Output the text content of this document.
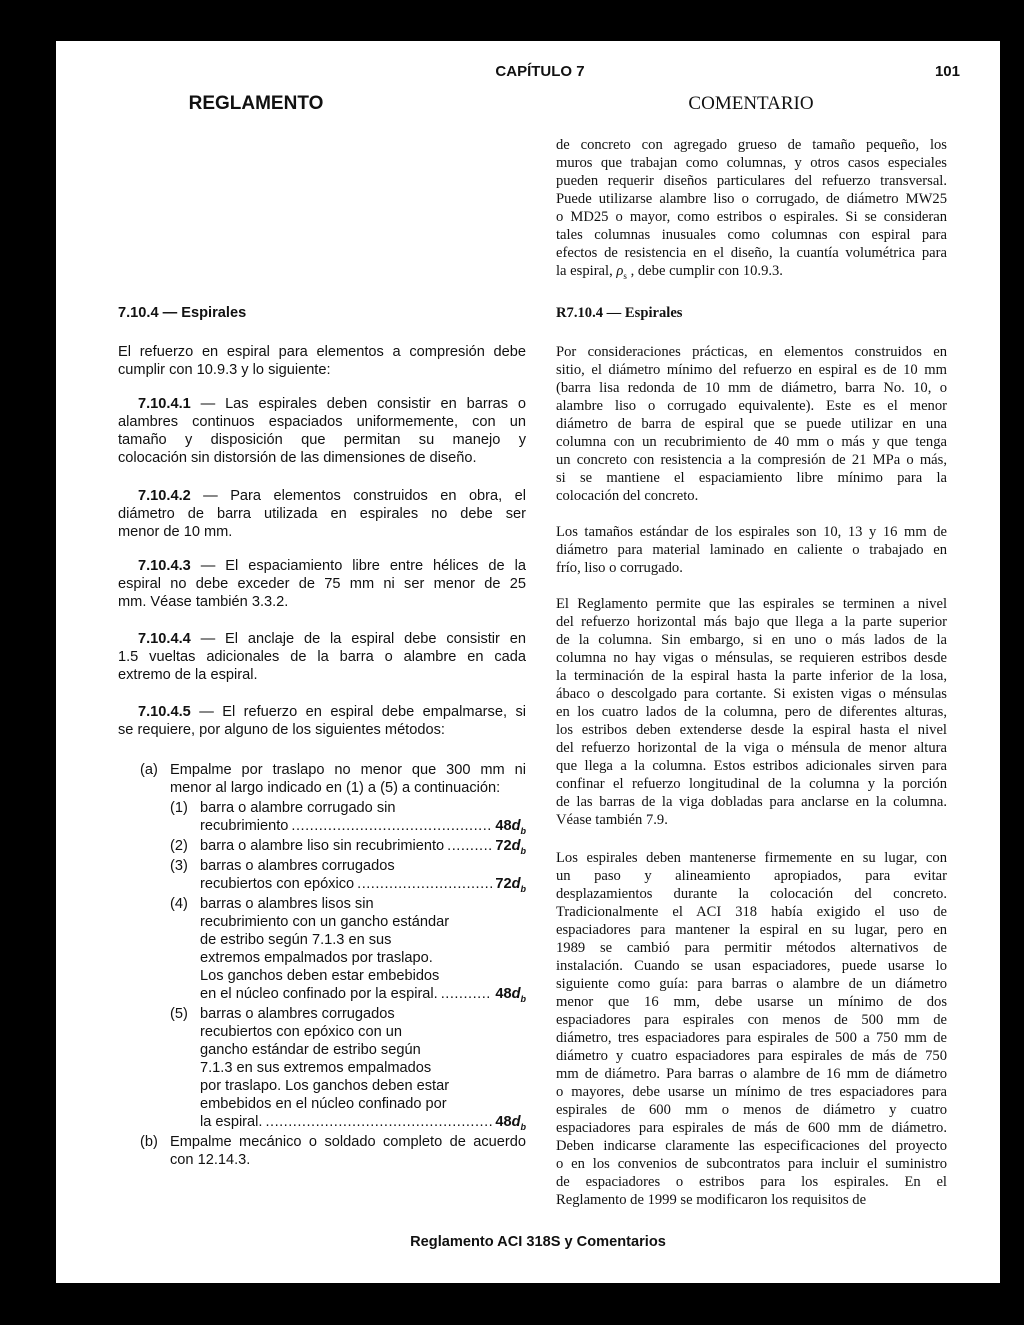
CAPÍTULO 7	101
REGLAMENTO	COMENTARIO
de concreto con agregado grueso de tamaño pequeño, los
muros que trabajan como columnas, y otros casos especiales
pueden requerir diseños particulares del refuerzo transversal.
Puede utilizarse alambre liso o corrugado, de diámetro MW25
o MD25 o mayor, como estribos o espirales. Si se consideran
tales columnas inusuales como columnas con espiral para
efectos de resistencia en el diseño, la cuantía volumétrica para
la espiral, $\rho_s$ , debe cumplir con 10.9.3.
7.10.4 — Espirales
El refuerzo en espiral para elementos a compresión debe
cumplir con 10.9.3 y lo siguiente:
7.10.4.1 — Las espirales deben consistir en barras o
alambres continuos espaciados uniformemente, con un
tamaño y disposición que permitan su manejo y
colocación sin distorsión de las dimensiones de diseño.
7.10.4.2 — Para elementos construidos en obra, el
diámetro de barra utilizada en espirales no debe ser
menor de 10 mm.
7.10.4.3 — El espaciamiento libre entre hélices de la
espiral no debe exceder de 75 mm ni ser menor de 25
mm. Véase también 3.3.2.
7.10.4.4 — El anclaje de la espiral debe consistir en
1.5 vueltas adicionales de la barra o alambre en cada
extremo de la espiral.
7.10.4.5 — El refuerzo en espiral debe empalmarse, si
se requiere, por alguno de los siguientes métodos:
(a) Empalme por traslapo no menor que 300 mm ni
menor al largo indicado en (1) a (5) a continuación:
(1) barra o alambre corrugado sin
recubrimiento .....	$48d_b$
(2) barra o alambre liso sin recubrimiento .....	$72d_b$
(3) barras o alambres corrugados
recubiertos con epóxico .....	$72d_b$
(4) barras o alambres lisos sin
recubrimiento con un gancho estándar
de estribo según 7.1.3 en sus
extremos empalmados por traslapo.
Los ganchos deben estar embebidos
en el núcleo confinado por la espiral. .....	$48d_b$
(5) barras o alambres corrugados
recubiertos con epóxico con un
gancho estándar de estribo según
7.1.3 en sus extremos empalmados
por traslapo. Los ganchos deben estar
embebidos en el núcleo confinado por
la espiral. .....	$48d_b$
(b) Empalme mecánico o soldado completo de acuerdo
con 12.14.3.
R7.10.4 — Espirales
Por consideraciones prácticas, en elementos construidos en
sitio, el diámetro mínimo del refuerzo en espiral es de 10 mm
(barra lisa redonda de 10 mm de diámetro, barra No. 10, o
alambre liso o corrugado equivalente). Este es el menor
diámetro de barra de espiral que se puede utilizar en una
columna con un recubrimiento de 40 mm o más y que tenga
un concreto con resistencia a la compresión de 21 MPa o más,
si se mantiene el espaciamiento libre mínimo para la
colocación del concreto.
Los tamaños estándar de los espirales son 10, 13 y 16 mm de
diámetro para material laminado en caliente o trabajado en
frío, liso o corrugado.
El Reglamento permite que las espirales se terminen a nivel
del refuerzo horizontal más bajo que llega a la parte superior
de la columna. Sin embargo, si en uno o más lados de la
columna no hay vigas o ménsulas, se requieren estribos desde
la terminación de la espiral hasta la parte inferior de la losa,
ábaco o descolgado para cortante. Si existen vigas o ménsulas
en los cuatro lados de la columna, pero de diferentes alturas,
los estribos deben extenderse desde la espiral hasta el nivel
del refuerzo horizontal de la viga o ménsula de menor altura
que llega a la columna. Estos estribos adicionales sirven para
confinar el refuerzo longitudinal de la columna y la porción
de las barras de la viga dobladas para anclarse en la columna.
Véase también 7.9.
Los espirales deben mantenerse firmemente en su lugar, con
un paso y alineamiento apropiados, para evitar
desplazamientos durante la colocación del concreto.
Tradicionalmente el ACI 318 había exigido el uso de
espaciadores para mantener la espiral en su lugar, pero en
1989 se cambió para permitir métodos alternativos de
instalación. Cuando se usan espaciadores, puede usarse lo
siguiente como guía: para barras o alambre de un diámetro
menor que 16 mm, debe usarse un mínimo de dos
espaciadores para espirales con menos de 500 mm de
diámetro, tres espaciadores para espirales de 500 a 750 mm de
diámetro y cuatro espaciadores para espirales de más de 750
mm de diámetro. Para barras o alambre de 16 mm de diámetro
o mayores, debe usarse un mínimo de tres espaciadores para
espirales de 600 mm o menos de diámetro y cuatro
espaciadores para espirales de más de 600 mm de diámetro.
Deben indicarse claramente las especificaciones del proyecto
o en los convenios de subcontratos para incluir el suministro
de espaciadores o estribos para los espirales. En el
Reglamento de 1999 se modificaron los requisitos de
Reglamento ACI 318S y Comentarios
